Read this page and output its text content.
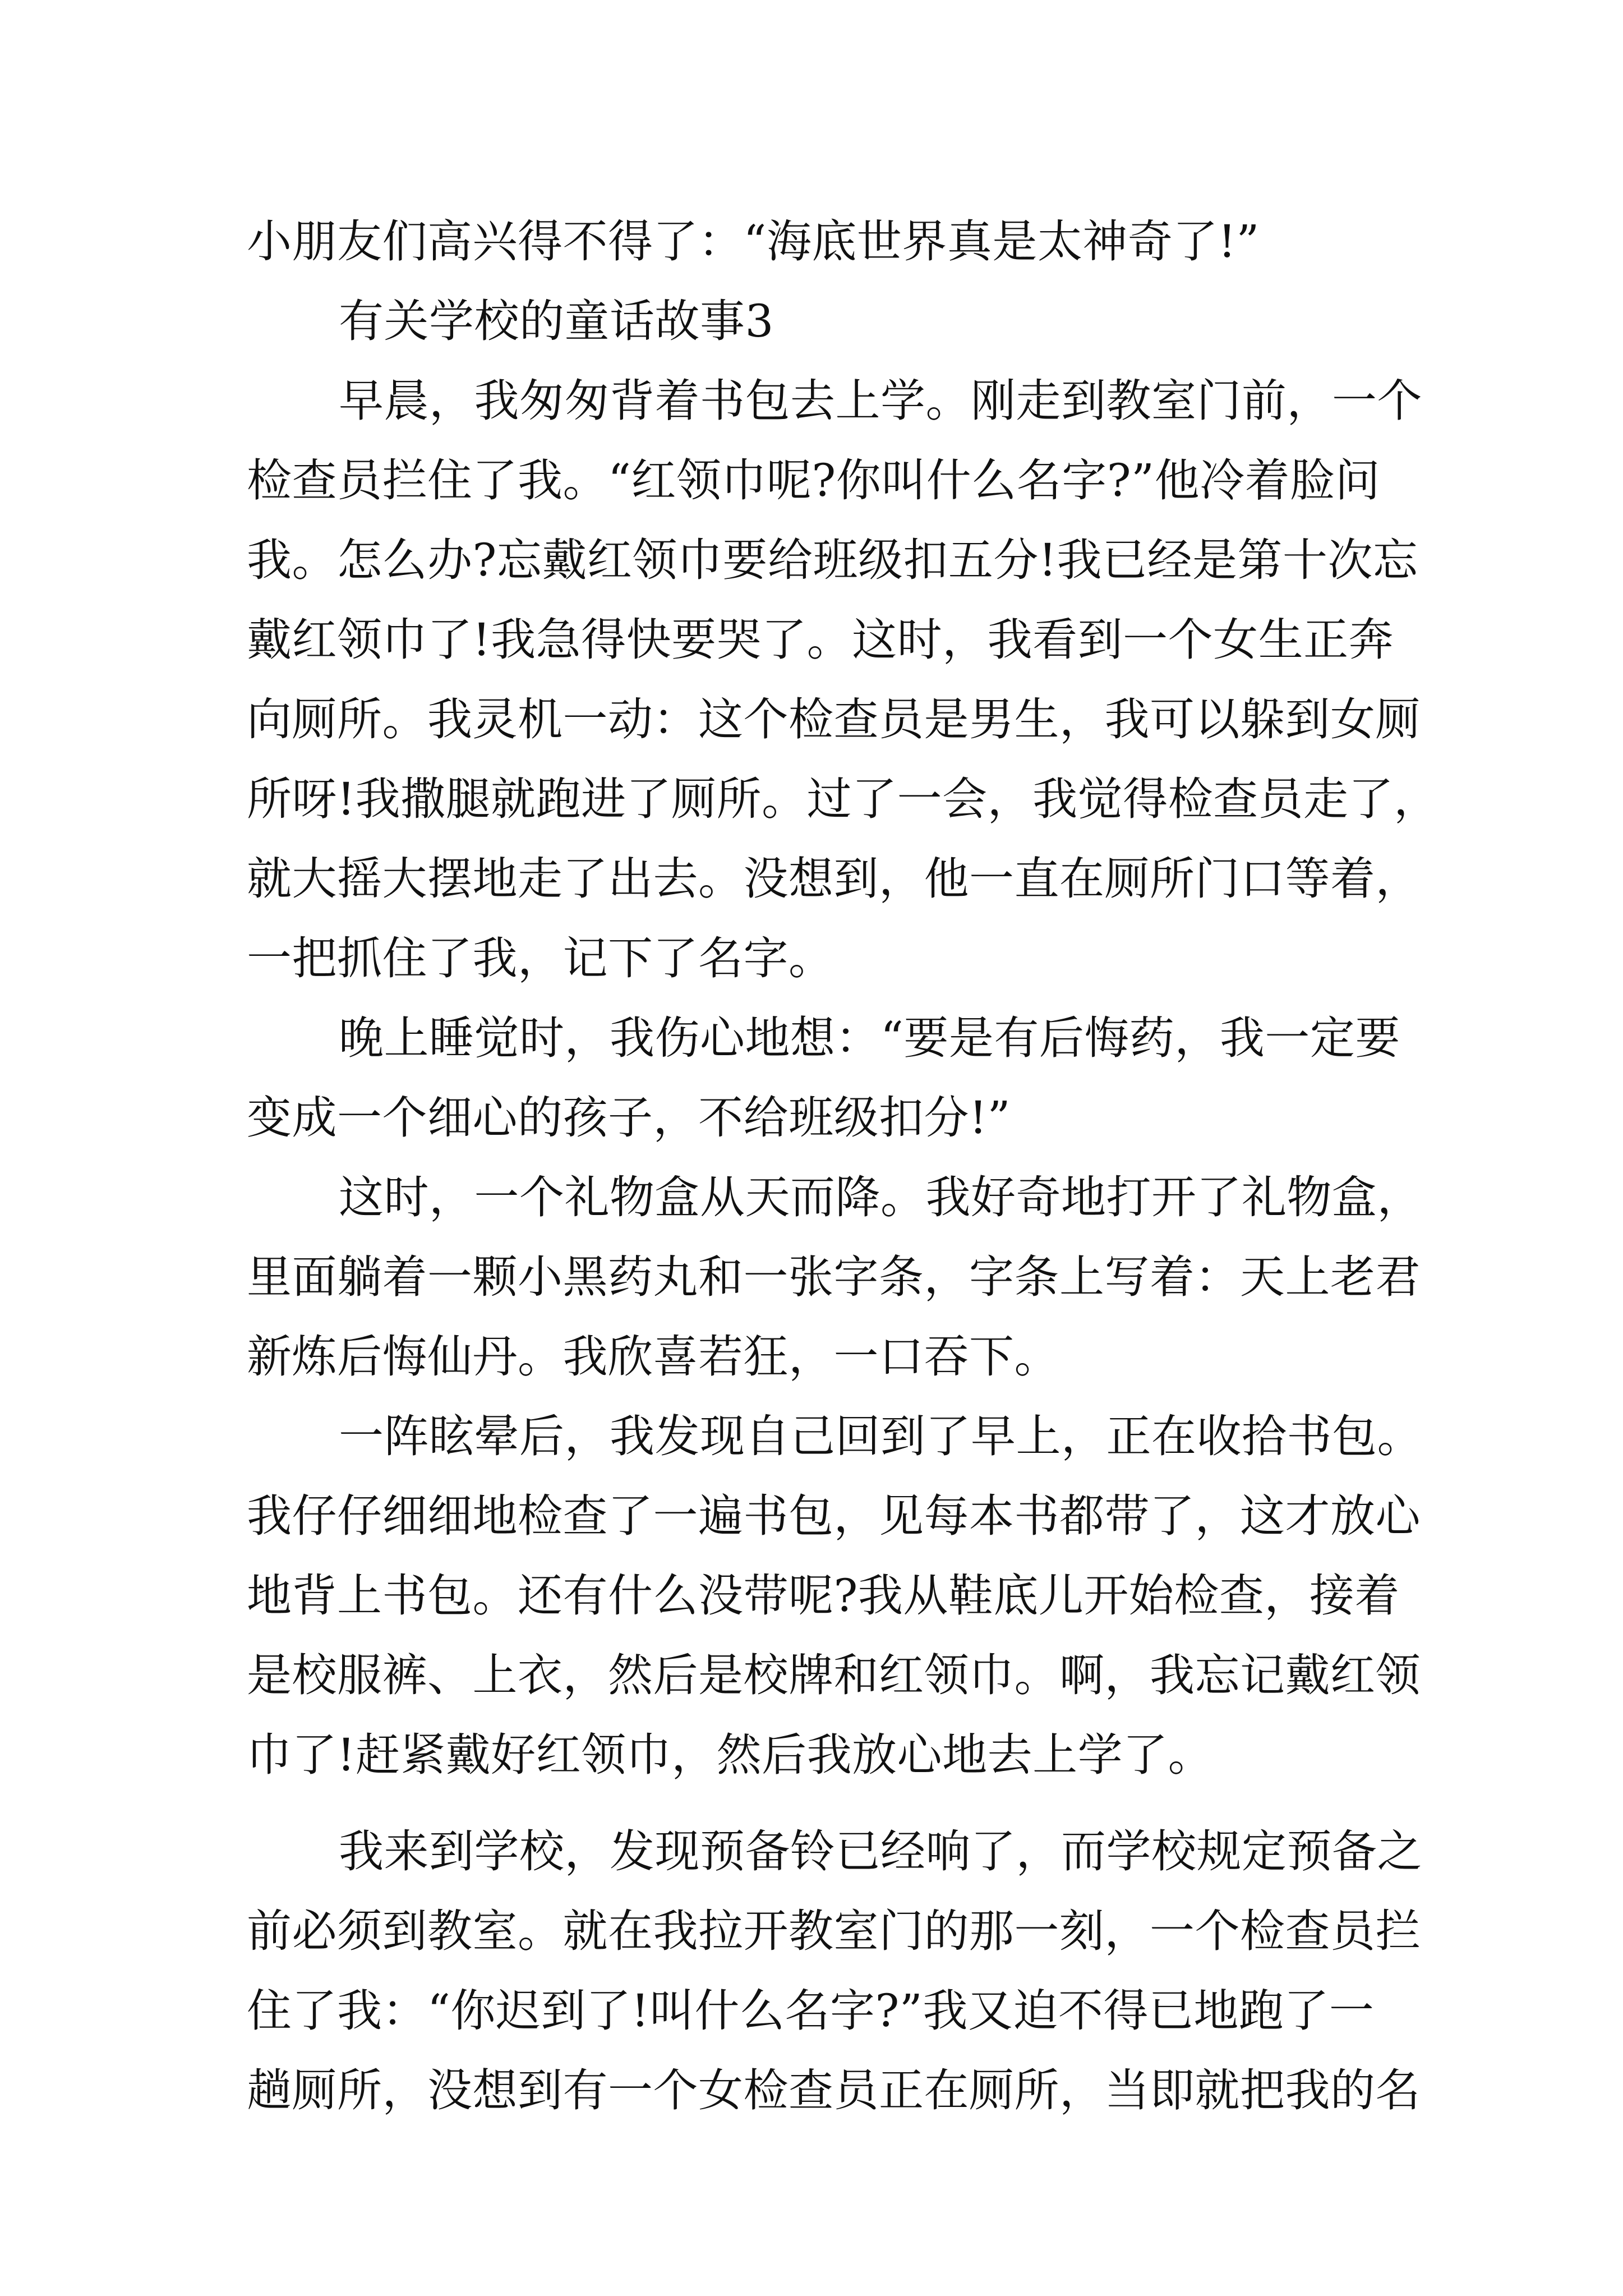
小朋友们高兴得不得了：“海底世界真是太神奇了!”
有关学校的童话故事3
早晨，我匆匆背着书包去上学。刚走到教室门前，一个
检查员拦住了我。“红领巾呢?你叫什么名字?”他冷着脸问
我。怎么办?忘戴红领巾要给班级扣五分!我已经是第十次忘
戴红领巾了!我急得快要哭了。这时，我看到一个女生正奔
向厕所。我灵机一动：这个检查员是男生，我可以躲到女厕
所呀!我撒腿就跑进了厕所。过了一会，我觉得检查员走了，
就大摇大摆地走了出去。没想到，他一直在厕所门口等着，
一把抓住了我，记下了名字。
晚上睡觉时，我伤心地想：“要是有后悔药，我一定要
变成一个细心的孩子，不给班级扣分!”
这时，一个礼物盒从天而降。我好奇地打开了礼物盒，
里面躺着一颗小黑药丸和一张字条，字条上写着：天上老君
新炼后悔仙丹。我欣喜若狂，一口吞下。
一阵眩晕后，我发现自己回到了早上，正在收拾书包。
我仔仔细细地检查了一遍书包，见每本书都带了，这才放心
地背上书包。还有什么没带呢?我从鞋底儿开始检查，接着
是校服裤、上衣，然后是校牌和红领巾。啊，我忘记戴红领
巾了!赶紧戴好红领巾，然后我放心地去上学了。
我来到学校，发现预备铃已经响了，而学校规定预备之
前必须到教室。就在我拉开教室门的那一刻，一个检查员拦
住了我：“你迟到了!叫什么名字?”我又迫不得已地跑了一
趟厕所，没想到有一个女检查员正在厕所，当即就把我的名
